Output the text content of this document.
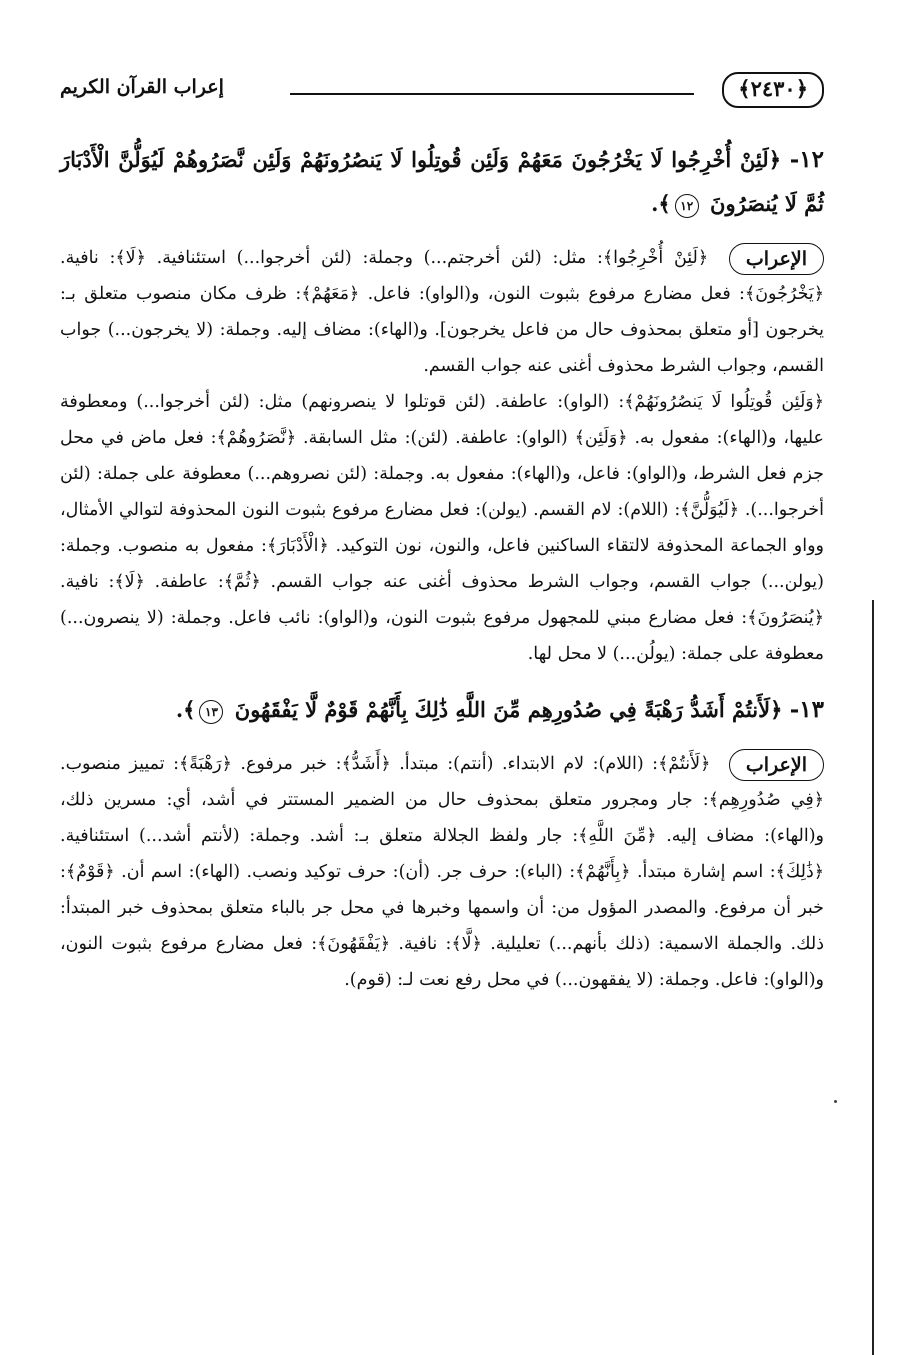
﴿٢٤٣٠﴾
إعراب القرآن الكريم
١٢- ﴿لَئِنْ أُخْرِجُوا لَا يَخْرُجُونَ مَعَهُمْ وَلَئِن قُوتِلُوا لَا يَنصُرُونَهُمْ وَلَئِن نَّصَرُوهُمْ لَيُوَلُّنَّ الْأَدْبَارَ ثُمَّ لَا يُنصَرُونَ ١٢﴾.

الإعراب ﴿لَئِنْ أُخْرِجُوا﴾: مثل: (لئن أخرجتم...) وجملة: (لئن أخرجوا...) استئنافية. ﴿لَا﴾: نافية. ﴿يَخْرُجُونَ﴾: فعل مضارع مرفوع بثبوت النون، و(الواو): فاعل. ﴿مَعَهُمْ﴾: ظرف مكان منصوب متعلق بـ: يخرجون [أو متعلق بمحذوف حال من فاعل يخرجون]. و(الهاء): مضاف إليه. وجملة: (لا يخرجون...) جواب القسم، وجواب الشرط محذوف أغنى عنه جواب القسم.

﴿وَلَئِن قُوتِلُوا لَا يَنصُرُونَهُمْ﴾: (الواو): عاطفة. (لئن قوتلوا لا ينصرونهم) مثل: (لئن أخرجوا...) ومعطوفة عليها، و(الهاء): مفعول به. ﴿وَلَئِن﴾ (الواو): عاطفة. (لئن): مثل السابقة. ﴿نَّصَرُوهُمْ﴾: فعل ماض في محل جزم فعل الشرط، و(الواو): فاعل، و(الهاء): مفعول به. وجملة: (لئن نصروهم...) معطوفة على جملة: (لئن أخرجوا...). ﴿لَيُوَلُّنَّ﴾: (اللام): لام القسم. (يولن): فعل مضارع مرفوع بثبوت النون المحذوفة لتوالي الأمثال، وواو الجماعة المحذوفة لالتقاء الساكنين فاعل، والنون، نون التوكيد. ﴿الْأَدْبَارَ﴾: مفعول به منصوب. وجملة: (يولن...) جواب القسم، وجواب الشرط محذوف أغنى عنه جواب القسم. ﴿ثُمَّ﴾: عاطفة. ﴿لَا﴾: نافية. ﴿يُنصَرُونَ﴾: فعل مضارع مبني للمجهول مرفوع بثبوت النون، و(الواو): نائب فاعل. وجملة: (لا ينصرون...) معطوفة على جملة: (يولُن...) لا محل لها.

١٣- ﴿لَأَنتُمْ أَشَدُّ رَهْبَةً فِي صُدُورِهِم مِّنَ اللَّهِ ذَٰلِكَ بِأَنَّهُمْ قَوْمٌ لَّا يَفْقَهُونَ ١٣﴾.

الإعراب ﴿لَأَنتُمْ﴾: (اللام): لام الابتداء. (أنتم): مبتدأ. ﴿أَشَدُّ﴾: خبر مرفوع. ﴿رَهْبَةً﴾: تمييز منصوب. ﴿فِي صُدُورِهِم﴾: جار ومجرور متعلق بمحذوف حال من الضمير المستتر في أشد، أي: مسرين ذلك، و(الهاء): مضاف إليه. ﴿مِّنَ اللَّهِ﴾: جار ولفظ الجلالة متعلق بـ: أشد. وجملة: (لأنتم أشد...) استئنافية. ﴿ذَٰلِكَ﴾: اسم إشارة مبتدأ. ﴿بِأَنَّهُمْ﴾: (الباء): حرف جر. (أن): حرف توكيد ونصب. (الهاء): اسم أن. ﴿قَوْمٌ﴾: خبر أن مرفوع. والمصدر المؤول من: أن واسمها وخبرها في محل جر بالباء متعلق بمحذوف خبر المبتدأ: ذلك. والجملة الاسمية: (ذلك بأنهم...) تعليلية. ﴿لَّا﴾: نافية. ﴿يَفْقَهُونَ﴾: فعل مضارع مرفوع بثبوت النون، و(الواو): فاعل. وجملة: (لا يفقهون...) في محل رفع نعت لـ: (قوم).
